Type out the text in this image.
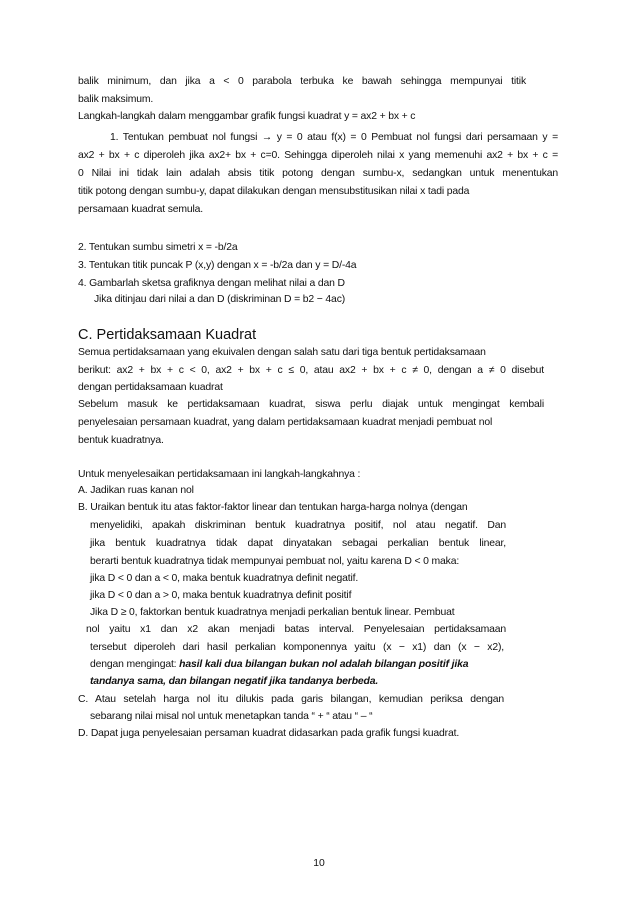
balik minimum, dan jika a < 0 parabola terbuka ke bawah sehingga mempunyai titik
balik maksimum.
Langkah-langkah dalam menggambar grafik fungsi kuadrat y = ax2 + bx + c
1. Tentukan pembuat nol fungsi → y = 0 atau f(x) = 0 Pembuat nol fungsi dari persamaan y =
ax2 + bx + c diperoleh jika ax2+ bx + c=0. Sehingga diperoleh nilai x yang memenuhi ax2 + bx + c =
0 Nilai ini tidak lain adalah absis titik potong dengan sumbu-x, sedangkan untuk menentukan
titik potong dengan sumbu-y, dapat dilakukan dengan mensubstitusikan nilai x tadi pada
persamaan kuadrat semula.
2. Tentukan sumbu simetri x = -b/2a
3. Tentukan titik puncak P (x,y) dengan x = -b/2a dan y = D/-4a
4. Gambarlah sketsa grafiknya dengan melihat nilai a dan D
Jika ditinjau dari nilai a dan D (diskriminan D = b2 − 4ac)
C. Pertidaksamaan Kuadrat
Semua pertidaksamaan yang ekuivalen dengan salah satu dari tiga bentuk pertidaksamaan
berikut: ax2 + bx + c < 0, ax2 + bx + c ≤ 0, atau ax2 + bx + c ≠ 0, dengan a ≠ 0 disebut
dengan pertidaksamaan kuadrat
Sebelum masuk ke pertidaksamaan kuadrat, siswa perlu diajak untuk mengingat kembali
penyelesaian persamaan kuadrat, yang dalam pertidaksamaan kuadrat menjadi pembuat nol
bentuk kuadratnya.
Untuk menyelesaikan pertidaksamaan ini langkah-langkahnya :
A. Jadikan ruas kanan nol
B. Uraikan bentuk itu atas faktor-faktor linear dan tentukan harga-harga nolnya (dengan
menyelidiki, apakah diskriminan bentuk kuadratnya positif, nol atau negatif. Dan
jika bentuk kuadratnya tidak dapat dinyatakan sebagai perkalian bentuk linear,
berarti bentuk kuadratnya tidak mempunyai pembuat nol, yaitu karena D < 0 maka:
jika D < 0 dan a < 0, maka bentuk kuadratnya definit negatif.
jika D < 0 dan a > 0, maka bentuk kuadratnya definit positif
Jika D ≥ 0, faktorkan bentuk kuadratnya menjadi perkalian bentuk linear. Pembuat
nol yaitu x1 dan x2 akan menjadi batas interval. Penyelesaian pertidaksamaan
tersebut diperoleh dari hasil perkalian komponennya yaitu (x − x1) dan (x − x2),
dengan mengingat: hasil kali dua bilangan bukan nol adalah bilangan positif jika
tandanya sama, dan bilangan negatif jika tandanya berbeda.
C. Atau setelah harga nol itu dilukis pada garis bilangan, kemudian periksa dengan
sebarang nilai misal nol untuk menetapkan tanda “ + “ atau “ – “
D. Dapat juga penyelesaian persaman kuadrat didasarkan pada grafik fungsi kuadrat.
10
